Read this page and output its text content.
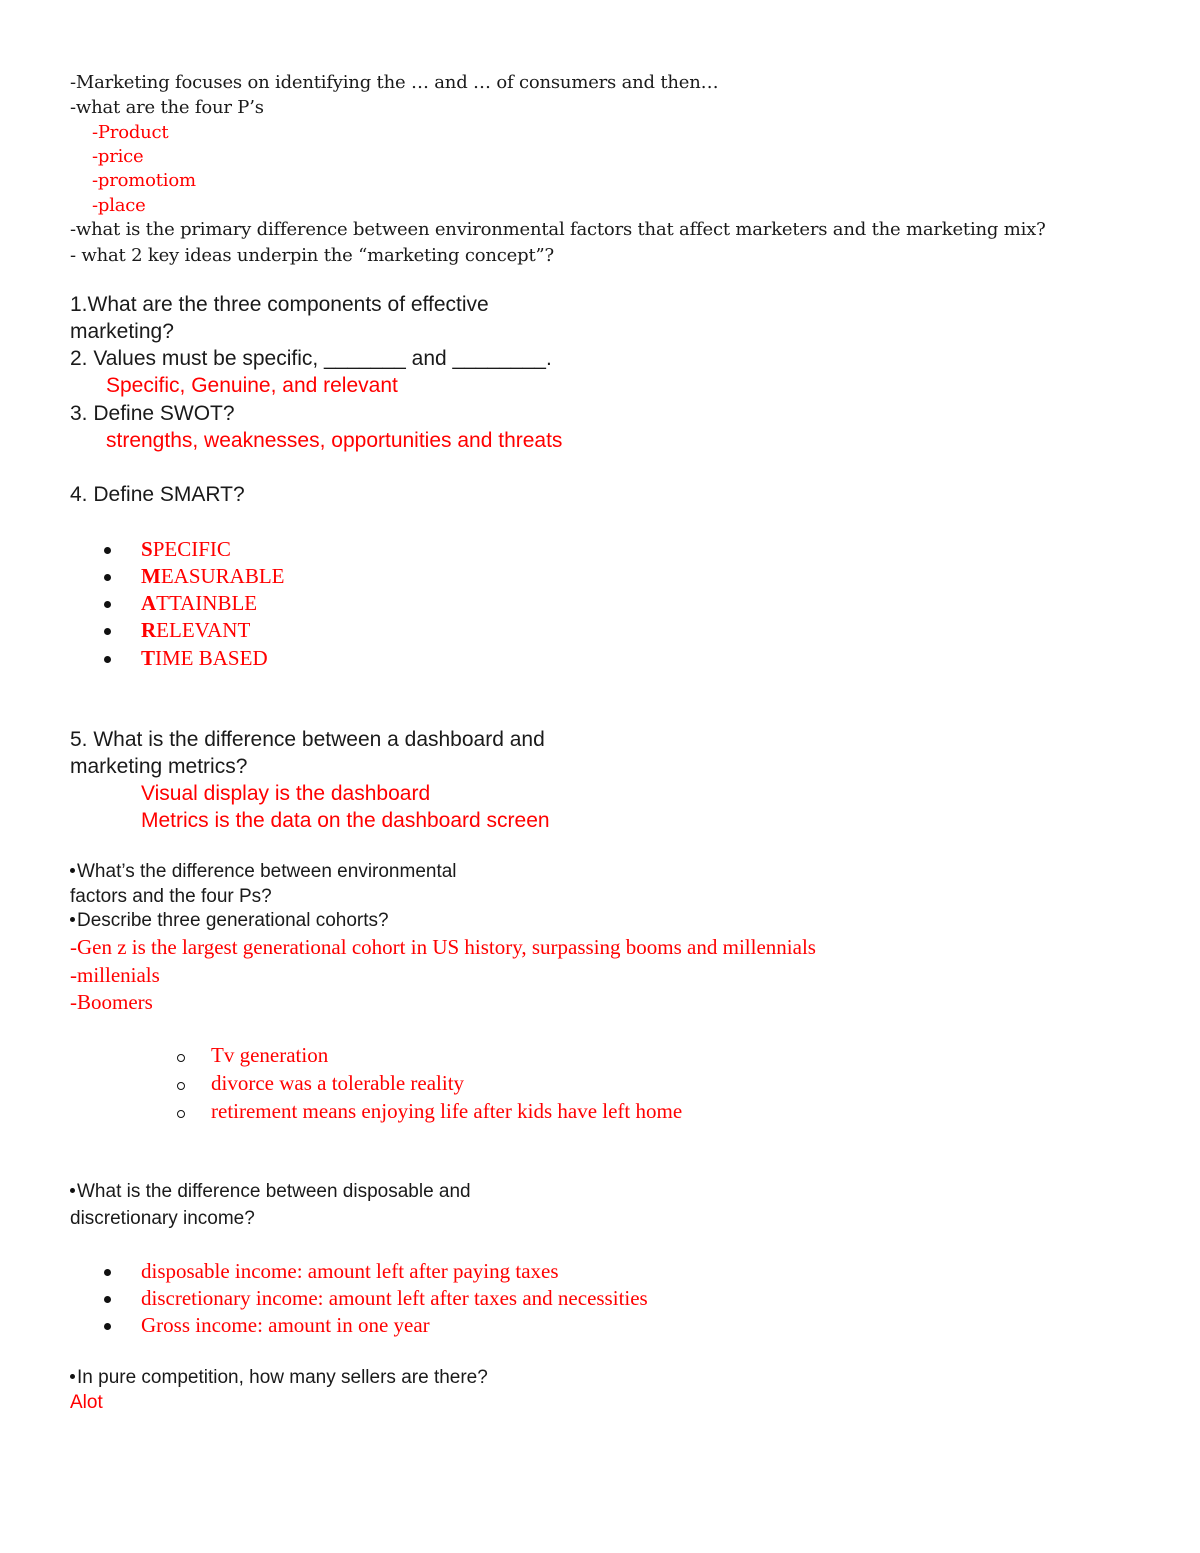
-Marketing focuses on identifying the … and … of consumers and then…

-what are the four P’s

-Product

-price

-promotiom

-place

-what is the primary difference between environmental factors that affect marketers and the marketing mix?

- what 2 key ideas underpin the “marketing concept”?

1.What are the three components of effective

marketing?

2. Values must be specific, _______ and ________.

Specific, Genuine, and relevant

3. Define SWOT?

strengths, weaknesses, opportunities and threats

4. Define SMART?

SPECIFIC

MEASURABLE

ATTAINBLE

RELEVANT

TIME BASED

5. What is the difference between a dashboard and

marketing metrics?

Visual display is the dashboard

Metrics is the data on the dashboard screen

What’s the difference between environmental

factors and the four Ps?

Describe three generational cohorts?

-Gen z is the largest generational cohort in US history, surpassing booms and millennials

-millenials

-Boomers

Tv generation

divorce was a tolerable reality

retirement means enjoying life after kids have left home

What is the difference between disposable and

discretionary income?

disposable income: amount left after paying taxes

discretionary income: amount left after taxes and necessities

Gross income: amount in one year

In pure competition, how many sellers are there?

Alot
